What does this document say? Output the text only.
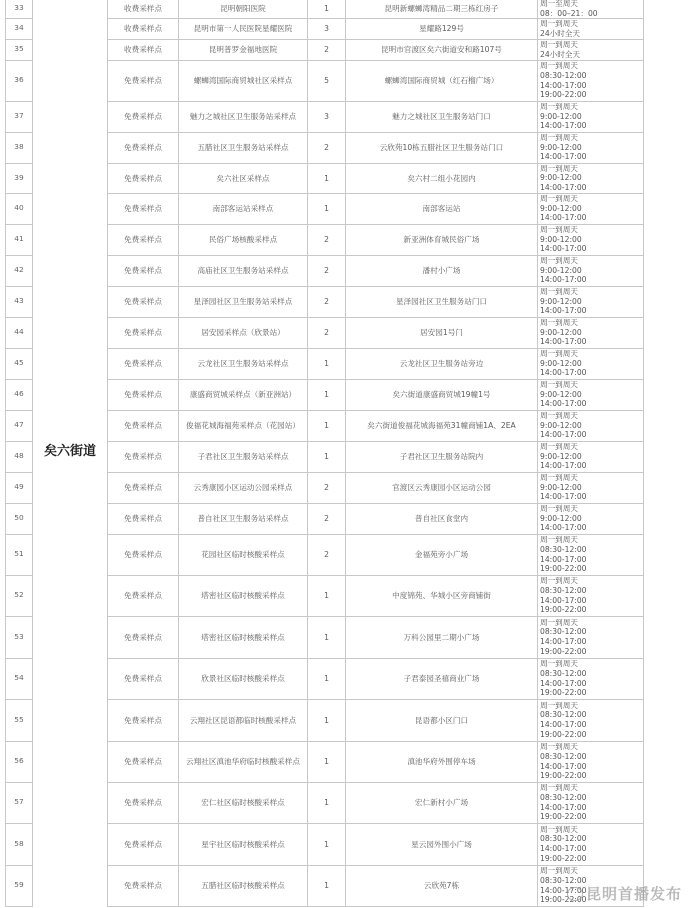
33	矣六街道	收费采样点	昆明朝阳医院	1	昆明新螺蛳湾精品二期三栋红房子	周一至周天
08：00–21：00

34		收费采样点	昆明市第一人民医院星耀医院	3	星耀路129号	周一到周天
24小时全天

35		收费采样点	昆明普罗金福地医院	2	昆明市官渡区矣六街道安和路107号	周一到周天
24小时全天

36		免费采样点	螺蛳湾国际商贸城社区采样点	5	螺蛳湾国际商贸城（红石榴广场）	周一到周天
08:30-12:00
14:00-17:00
19:00-22:00

37		免费采样点	魅力之城社区卫生服务站采样点	3	魅力之城社区卫生服务站门口	周一到周天
9:00-12:00
14:00-17:00

38		免费采样点	五腊社区卫生服务站采样点	2	云欣苑10栋五腊社区卫生服务站门口	周一到周天
9:00-12:00
14:00-17:00

39		免费采样点	矣六社区采样点	1	矣六村二组小花园内	周一到周天
9:00-12:00
14:00-17:00

40		免费采样点	南部客运站采样点	1	南部客运站	周一到周天
9:00-12:00
14:00-17:00

41		免费采样点	民俗广场核酸采样点	2	新亚洲体育城民俗广场	周一到周天
9:00-12:00
14:00-17:00

42		免费采样点	高庙社区卫生服务站采样点	2	潘村小广场	周一到周天
9:00-12:00
14:00-17:00

43		免费采样点	星泽园社区卫生服务站采样点	2	星泽园社区卫生服务站门口	周一到周天
9:00-12:00
14:00-17:00

44		免费采样点	居安园采样点（欣景站）	2	居安园1号门	周一到周天
9:00-12:00
14:00-17:00

45		免费采样点	云龙社区卫生服务站采样点	1	云龙社区卫生服务站旁边	周一到周天
9:00-12:00
14:00-17:00

46		免费采样点	康盛商贸城采样点（新亚洲站）	1	矣六街道康盛商贸城19幢1号	周一到周天
9:00-12:00
14:00-17:00

47		免费采样点	俊福花城海福苑采样点（花园站）	1	矣六街道俊福花城海福苑31幢商铺1A、2EA	周一到周天
9:00-12:00
14:00-17:00

48		免费采样点	子君社区卫生服务站采样点	1	子君社区卫生服务站院内	周一到周天
9:00-12:00
14:00-17:00

49		免费采样点	云秀康园小区运动公园采样点	2	官渡区云秀康园小区运动公园	周一到周天
9:00-12:00
14:00-17:00

50		免费采样点	普自社区卫生服务站采样点	2	普自社区食堂内	周一到周天
9:00-12:00
14:00-17:00

51		免费采样点	花园社区临时核酸采样点	2	金福苑旁小广场	周一到周天
08:30-12:00
14:00-17:00
19:00-22:00

52		免费采样点	塔密社区临时核酸采样点	1	中度锦苑、华城小区旁商铺街	周一到周天
08:30-12:00
14:00-17:00
19:00-22:00

53		免费采样点	塔密社区临时核酸采样点	1	万科公园里二期小广场	周一到周天
08:30-12:00
14:00-17:00
19:00-22:00

54		免费采样点	欣景社区临时核酸采样点	1	子君泰园圣禧商业广场	周一到周天
08:30-12:00
14:00-17:00
19:00-22:00

55		免费采样点	云翔社区昆语都临时核酸采样点	1	昆语都小区门口	周一到周天
08:30-12:00
14:00-17:00
19:00-22:00

56		免费采样点	云翔社区滇池华府临时核酸采样点	1	滇池华府外围停车场	周一到周天
08:30-12:00
14:00-17:00
19:00-22:00

57		免费采样点	宏仁社区临时核酸采样点	1	宏仁新村小广场	周一到周天
08:30-12:00
14:00-17:00
19:00-22:00

58		免费采样点	星宇社区临时核酸采样点	1	星云园外围小广场	周一到周天
08:30-12:00
14:00-17:00
19:00-22:00

59		免费采样点	五腊社区临时核酸采样点	1	云欣苑7栋	周一到周天
08:30-12:00
14:00-17:00
19:00-22:00 昆明首播发布
